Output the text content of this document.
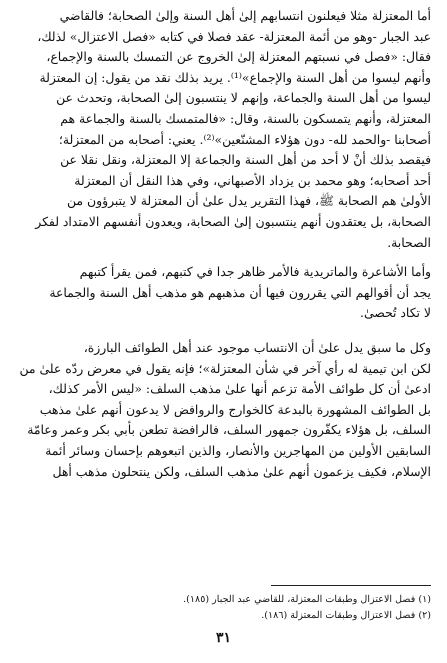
أما المعتزلة مثلا فيعلنون انتسابهم إلىٰ أهل السنة وإلىٰ الصحابة؛ فالقاضي
عبد الجبار -وهو من أئمة المعتزلة- عقد فصلا في كتابه «فصل الاعتزال» لذلك،
فقال: «فصل في نسبتهم المعتزلة إلىٰ الخروج عن التمسك بالسنة والإجماع،
وأنهم ليسوا من أهل السنة والإجماع»⁽¹⁾. يريد بذلك نقد من يقول: إن المعتزلة
ليسوا من أهل السنة والجماعة، وإنهم لا ينتسبون إلىٰ الصحابة، وتحدث عن
المعتزلة، وأنهم يتمسكون بالسنة، وقال: «فالمتمسك بالسنة والجماعة هم
أصحابنا -والحمد لله- دون هؤلاء المشنّعين»⁽²⁾. يعني: أصحابه من المعتزلة؛
فيقصد بذلك أنْ لا أحد من أهل السنة والجماعة إلا المعتزلة، ونقل نقلا عن
أحد أصحابه؛ وهو محمد بن يزداد الأصبهاني، وفي هذا النقل أن المعتزلة
الأولىٰ هم الصحابة ﷺ، فهذا التقرير يدل علىٰ أن المعتزلة لا يتبرؤون من
الصحابة، بل يعتقدون أنهم ينتسبون إلىٰ الصحابة، ويعدون أنفسهم الامتداد لفكر
الصحابة.
وأما الأشاعرة والماتريدية فالأمر ظاهر جدا في كتبهم، فمن يقرأ كتبهم
يجد أن أقوالهم التي يقررون فيها أن مذهبهم هو مذهب أهل السنة والجماعة
لا تكاد تُحصىٰ.
وكل ما سبق يدل علىٰ أن الانتساب موجود عند أهل الطوائف البارزة،
لكن ابن تيمية له رأي آخر في شأن المعتزلة»؛ فإنه يقول في معرض ردّه علىٰ من
ادعىٰ أن كل طوائف الأمة تزعم أنها علىٰ مذهب السلف: «ليس الأمر كذلك،
بل الطوائف المشهورة بالبدعة كالخوارج والروافض لا يدعون أنهم علىٰ مذهب
السلف، بل هؤلاء يكفّرون جمهور السلف، فالرافضة تطعن بأبي بكر وعمر وعامّة
السابقين الأولين من المهاجرين والأنصار، والذين اتبعوهم بإحسان وسائر أئمة
الإسلام، فكيف يزعمون أنهم علىٰ مذهب السلف، ولكن ينتحلون مذهب أهل
(١) فصل الاعتزال وطبقات المعتزلة، للقاضي عبد الجبار (١٨٥).
(٢) فصل الاعتزال وطبقات المعتزلة (١٨٦).
٣١
